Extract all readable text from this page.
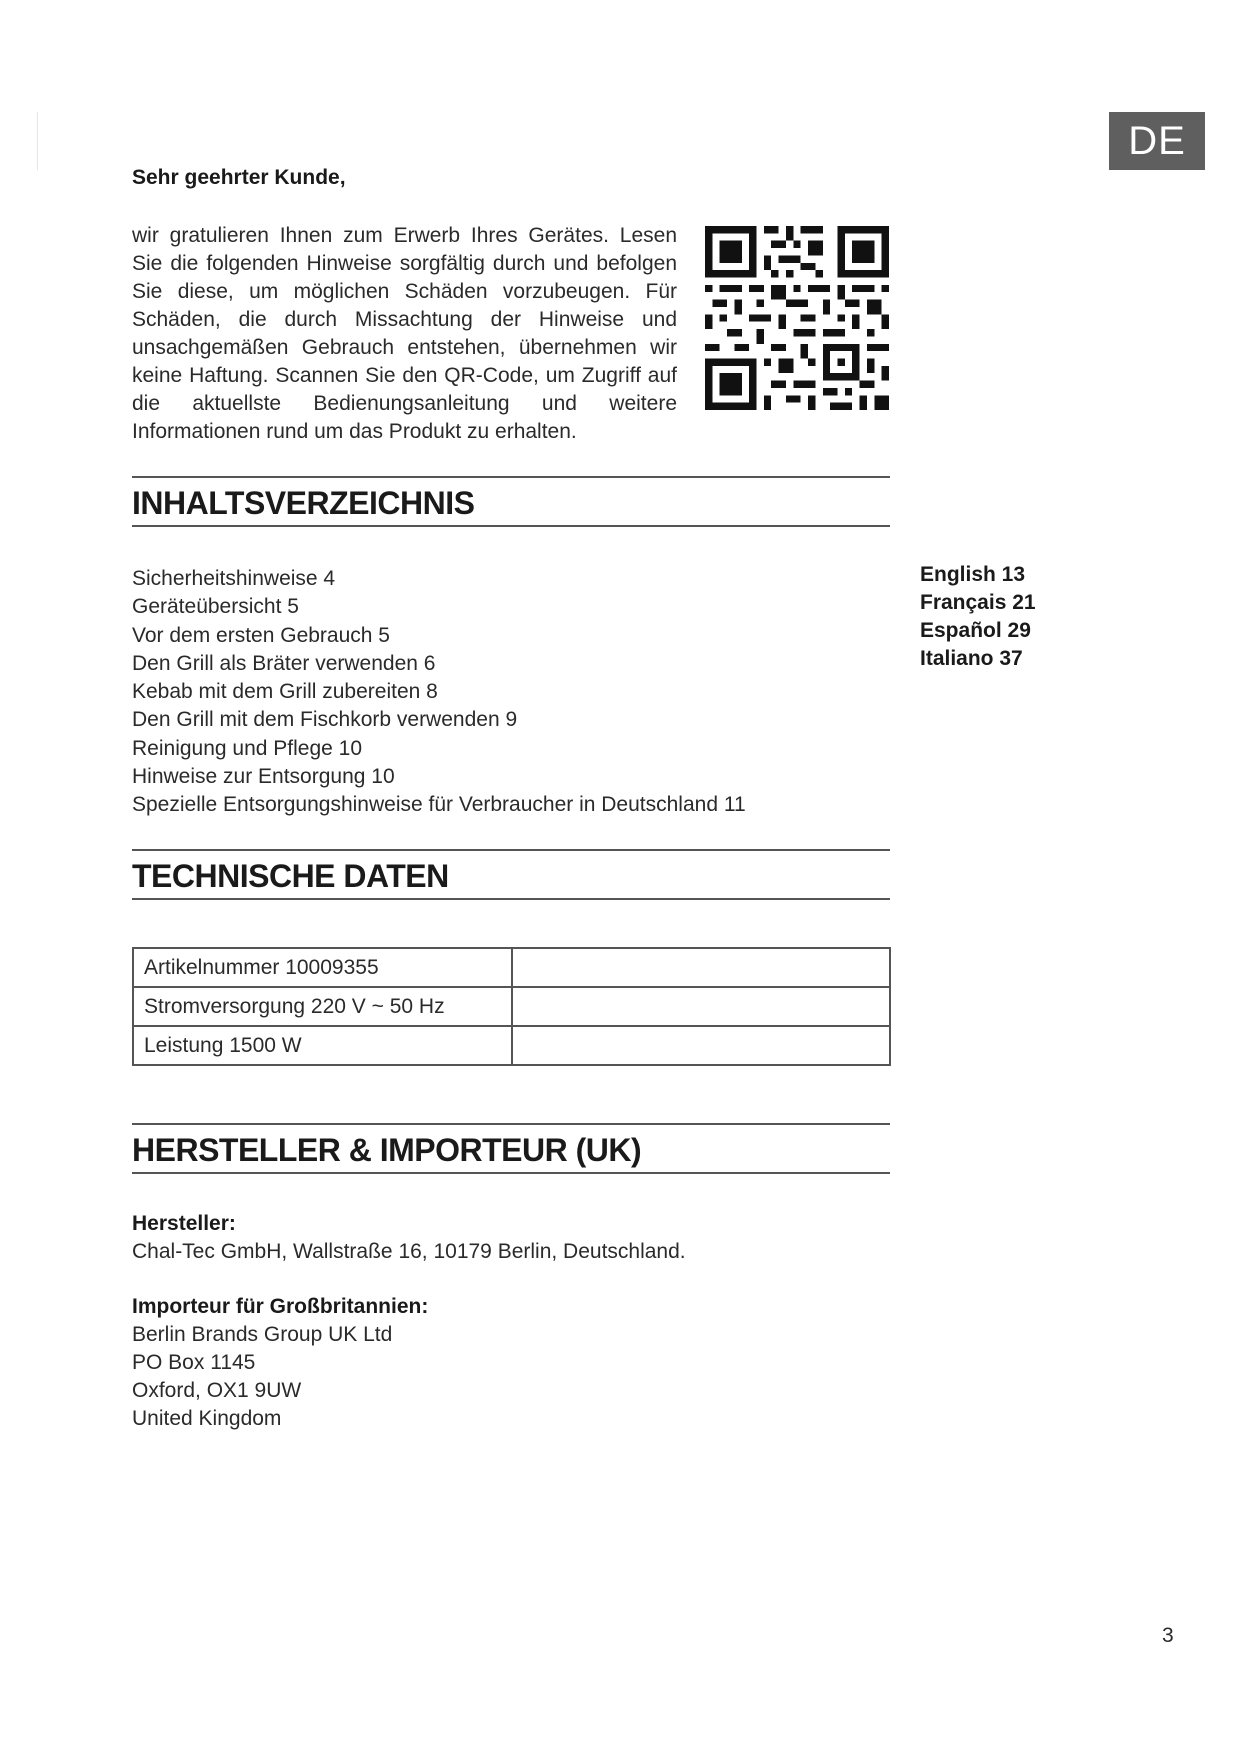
DE
Sehr geehrter Kunde,
wir gratulieren Ihnen zum Erwerb Ihres Gerätes. Lesen Sie die folgenden Hinweise sorgfältig durch und befolgen Sie diese, um möglichen Schäden vorzubeugen. Für Schäden, die durch Missachtung der Hinweise und unsachgemäßen Gebrauch entstehen, übernehmen wir keine Haftung. Scannen Sie den QR-Code, um Zugriff auf die aktuellste Bedienungsanleitung und weitere Informationen rund um das Produkt zu erhalten.
INHALTSVERZEICHNIS
Sicherheitshinweise 4
Geräteübersicht 5
Vor dem ersten Gebrauch 5
Den Grill als Bräter verwenden 6
Kebab mit dem Grill zubereiten 8
Den Grill mit dem Fischkorb verwenden 9
Reinigung und Pflege 10
Hinweise zur Entsorgung 10
Spezielle Entsorgungshinweise für Verbraucher in Deutschland 11
English 13
Français 21
Español 29
Italiano 37
TECHNISCHE DATEN
Artikelnummer 10009355	
Stromversorgung 220 V ~ 50 Hz	
Leistung 1500 W	
HERSTELLER & IMPORTEUR (UK)
Hersteller:
Chal-Tec GmbH, Wallstraße 16, 10179 Berlin, Deutschland.
Importeur für Großbritannien:
Berlin Brands Group UK Ltd
PO Box 1145
Oxford, OX1 9UW
United Kingdom
3
